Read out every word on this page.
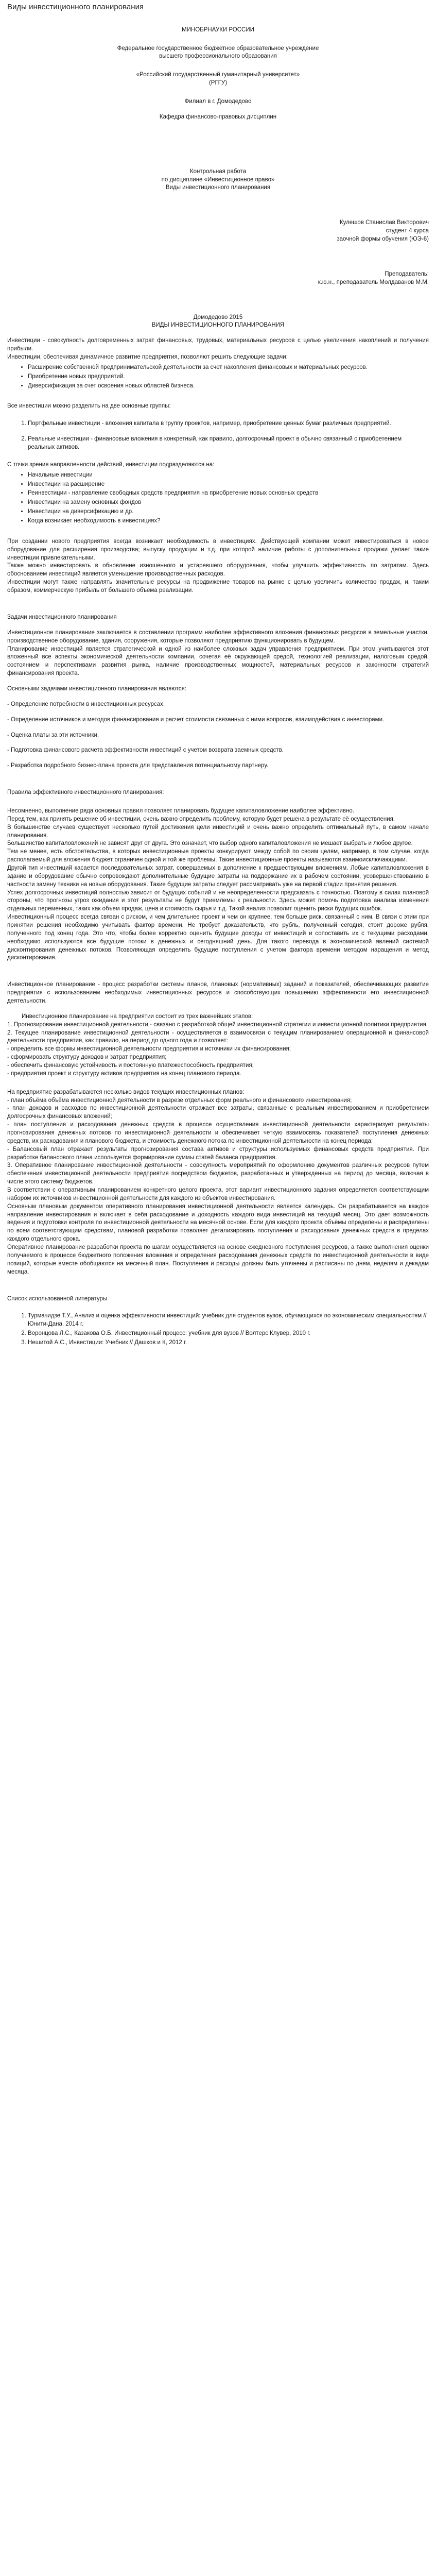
Виды инвестиционного планирования

МИНОБРНАУКИ РОССИИ

Федеральное государственное бюджетное образовательное учреждение

высшего профессионального образования

«Российский государственный гуманитарный университет»

(РГГУ)

Филиал в г. Домодедово

Кафедра финансово-правовых дисциплин

Контрольная работа

по дисциплине «Инвестиционное право»

Виды инвестиционного планирования

Кулешов Станислав Викторович

студент 4 курса

заочной формы обучения (ЮЭ-6)

Преподаватель:

к.ю.н., преподаватель Молдаванов М.М.

Домодедово 2015

ВИДЫ ИНВЕСТИЦИОННОГО ПЛАНИРОВАНИЯ

Инвестиции - совокупность долговременных затрат финансовых, трудовых, материальных ресурсов с целью увеличения накоплений и получения прибыли.

Инвестиции, обеспечивая динамичное развитие предприятия, позволяют решить следующие задачи:

• Расширение собственной предпринимательской деятельности за счет накопления финансовых и материальных ресурсов.
• Приобретение новых предприятий.
• Диверсификация за счет освоения новых областей бизнеса.

Все инвестиции можно разделить на две основные группы:

1. Портфельные инвестиции - вложения капитала в группу проектов, например, приобретение ценных бумаг различных предприятий.
2. Реальные инвестиции - финансовые вложения в конкретный, как правило, долгосрочный проект в обычно связанный с приобретением реальных активов.

С точки зрения направленности действий, инвестиции подразделяются на:

• Начальные инвестиции
• Инвестиции на расширение
• Реинвестиции - направление свободных средств предприятия на приобретение новых основных средств
• Инвестиции на замену основных фондов
• Инвестиции на диверсификацию и др.
• Когда возникает необходимость в инвестициях?

При создании нового предприятия всегда возникает необходимость в инвестициях. Действующей компании может инвестироваться в новое оборудование для расширения производства; выпуску продукции и т.д. при которой наличие работы с дополнительных продажи делает такие инвестиции привлекательными.

Также можно инвестировать в обновление изношенного и устаревшего оборудования, чтобы улучшить эффективность по затратам. Здесь обоснованием инвестиций является уменьшение производственных расходов.

Инвестиции могут также направлять значительные ресурсы на продвижение товаров на рынке с целью увеличить количество продаж, и, таким образом, коммерческую прибыль от большего объема реализации.

Задачи инвестиционного планирования

Инвестиционное планирование заключается в составлении программ наиболее эффективного вложения финансовых ресурсов в земельные участки, производственное оборудование, здания, сооружения, которые позволяют предприятию функционировать в будущем.

Планирование инвестиций является стратегической и одной из наиболее сложных задач управления предприятием. При этом учитываются этот вложенный все аспекты экономической деятельности компании, сочетая её окружающей средой, технологией реализации, налоговым средой, состоянием и перспективами развития рынка, наличие производственных мощностей, материальных ресурсов и законности стратегий финансирования проекта.

Основными задачами инвестиционного планирования являются:

- Определение потребности в инвестиционных ресурсах.

- Определение источников и методов финансирования и расчет стоимости связанных с ними вопросов, взаимодействия с инвесторами.

- Оценка платы за эти источники.

- Подготовка финансового расчета эффективности инвестиций с учетом возврата заемных средств.

- Разработка подробного бизнес-плана проекта для представления потенциальному партнеру.

Правила эффективного инвестиционного планирования:

Несомненно, выполнение ряда основных правил позволяет планировать будущее капиталовложение наиболее эффективно.

Перед тем, как принять решение об инвестиции, очень важно определить проблему, которую будет решена в результате её осуществления.

В большинстве случаев существует несколько путей достижения цели инвестиций и очень важно определить оптимальный путь, в самом начале планирования.

Большинство капиталовложений не зависят друг от друга. Это означает, что выбор одного капиталовложения не мешает выбрать и любое другое.

Тем не менее, есть обстоятельства, в которых инвестиционные проекты конкурируют между собой по своим целям, например, в том случае, когда располагаемый для вложения бюджет ограничен одной и той же проблемы. Такие инвестиционные проекты называются взаимоисключающими.

Другой тип инвестиций касается последовательных затрат, совершаемых в дополнение к предшествующим вложениям. Лобые капиталовложения в здание и оборудование обычно сопровождают дополнительные будущие затраты на поддержание их в рабочем состоянии, усовершенствованию в частности замену техники на новые оборудования. Такие будущие затраты следует рассматривать уже на первой стадии принятия решения.

Успех долгосрочных инвестиций полностью зависит от будущих событий и не неопределенности предсказать с точностью. Поэтому в силах плановой стороны, что прогнозы угроз ожидания и этот результаты не будут приемлемы к реальности. Здесь может помочь подготовка анализа изменения отдельных переменных, таких как объем продаж, цена и стоимость сырья и т.д. Такой анализ позволит оценить риски будущих ошибок.

Инвестиционный процесс всегда связан с риском, и чем длительнее проект и чем он крупнее, тем больше риск, связанный с ним. В связи с этим при принятии решения необходимо учитывать фактор времени. Не требует доказательств, что рубль, полученный сегодня, стоит дороже рубля, полученного под конец года. Это что, чтобы более корректно оценить будущие доходы от инвестиций и сопоставить их с текущими расходами, необходимо используются все будущие потоки в денежных и сегодняшний день. Для такого перевода в экономической явлений системой дисконтирования денежных потоков. Позволяющая определить будущие поступления с учетом фактора времени методом наращения и метод дисконтирования.

Инвестиционное планирование - процесс разработки системы планов, плановых (нормативных) заданий и показателей, обеспечивающих развитие предприятия с использованием необходимых инвестиционных ресурсов и способствующих повышению эффективности его инвестиционной деятельности.

Инвестиционное планирование на предприятии состоит из трех важнейших этапов:

1. Прогнозирование инвестиционной деятельности - связано с разработкой общей инвестиционной стратегии и инвестиционной политики предприятия.

2. Текущее планирование инвестиционной деятельности - осуществляется в взаимосвязи с текущим планированием операционной и финансовой деятельности предприятия, как правило, на период до одного года и позволяет:

- определить все формы инвестиционной деятельности предприятия и источники их финансирования;

- сформировать структуру доходов и затрат предприятия;

- обеспечить финансовую устойчивость и постоянную платежеспособность предприятия;

- предприятия проект и структуру активов предприятия на конец планового периода.

На предприятие разрабатываются несколько видов текущих инвестиционных планов:

- план объёма объёма инвестиционной деятельности в разрезе отдельных форм реального и финансового инвестирования;

- план доходов и расходов по инвестиционной деятельности отражает все затраты, связанные с реальным инвестированием и приобретением долгосрочных финансовых вложений;

- план поступления и расходования денежных средств в процессе осуществления инвестиционной деятельности характеризует результаты прогнозирования денежных потоков по инвестиционной деятельности и обеспечивает четкую взаимосвязь показателей поступления денежных средств, их расходования и планового бюджета, и стоимость денежного потока по инвестиционной деятельности на конец периода;

- Балансовый план отражает результаты прогнозирования состава активов и структуры используемых финансовых средств предприятия. При разработке балансового плана используется формирование суммы статей баланса предприятия.

3. Оперативное планирование инвестиционной деятельности - совокупность мероприятий по оформлению документов различных ресурсов путем обеспечения инвестиционной деятельности предприятия посредством бюджетов, разработанных и утвержденных на период до месяца, включая в числе этого систему бюджетов.

В соответствии с оперативным планированием конкретного целого проекта, этот вариант инвестиционного задания определяется соответствующим набором их источников инвестиционной деятельности для каждого из объектов инвестирования.

Основным плановым документом оперативного планирования инвестиционной деятельности является календарь. Он разрабатывается на каждое направление инвестирования и включает в себя расходование и доходность каждого вида инвестиций на текущий месяц. Это дает возможность ведения и подготовки контроля по инвестиционной деятельности на месячной основе. Если для каждого проекта объёмы определены и распределены по всем соответствующим средствам, плановой разработки позволяет детализировать поступления и расходования денежных средств в пределах каждого отдельного срока.

Оперативное планирование разработки проекта по шагам осуществляется на основе ежедневного поступления ресурсов, а также выполнения оценки получаемого в процессе бюджетного положения вложения и определения расходования денежных средств по инвестиционной деятельности в виде позиций, которые вместе обобщаются на месячный план. Поступления и расходы должны быть уточнены и расписаны по дням, неделям и декадам месяца.

Список использованной литературы

1. Турмачидзе Т.У., Анализ и оценка эффективности инвестиций: учебник для студентов вузов, обучающихся по экономическим специальностям // Юнити-Дана, 2014 г.
2. Воронцова Л.С., Казакова О.Б. Инвестиционный процесс: учебник для вузов // Волтерс Клувер, 2010 г.
3. Нешитой А.С., Инвестиции: Учебник // Дашков и К, 2012 г.
